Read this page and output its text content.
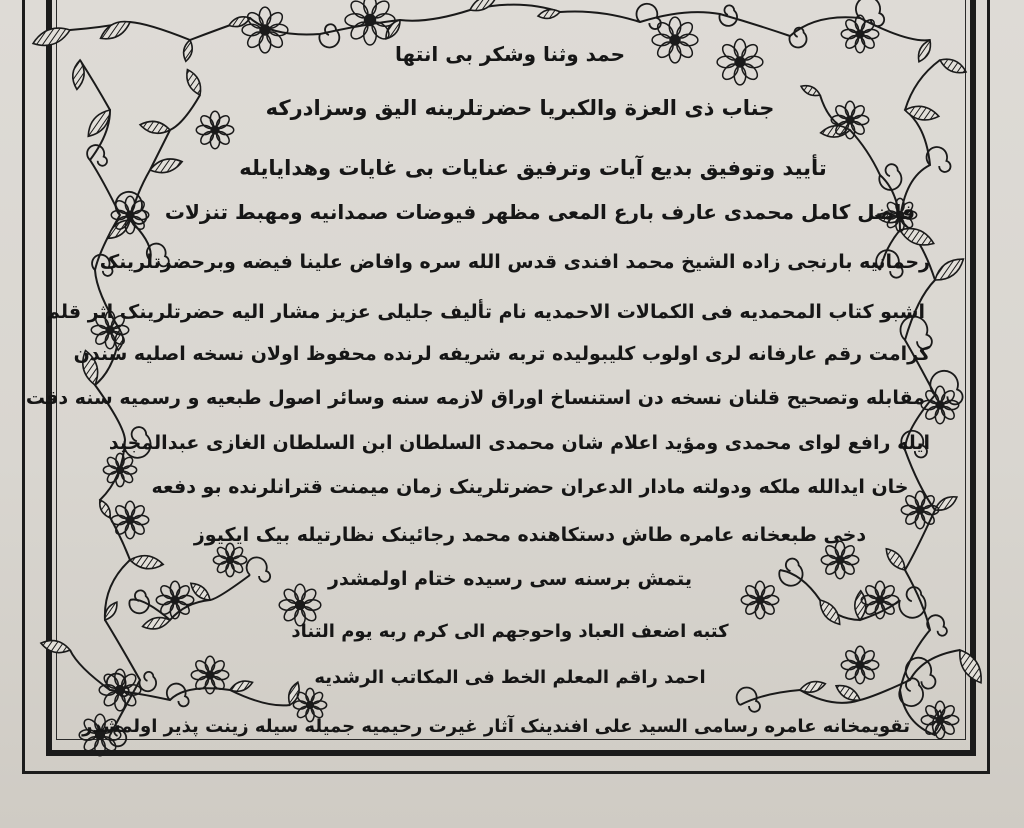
حمد وثنا وشكر بی انتها
جناب ذی العزة والکبریا حضرتلرینه الیق وسزادرکه
تأیید وتوفیق بدیع آیات وترفیق عنایات بی غایات وهدایایله
فاضل کامل محمدی عارف بارع المعی مظهر فیوضات صمدانیه ومهبط تنزلات
رحمانیه بارنجی زاده الشیخ محمد افندی قدس الله سره وافاض علینا فیضه وبرحضرتلرینک
اشبو کتاب المحمدیه فی الکمالات الاحمدیه نام تألیف جلیلی عزیز مشار الیه حضرتلرینک اثر قلم
کرامت رقم عارفانه لری اولوب کلیبولیده تربه شریفه لرنده محفوظ اولان نسخه اصلیه سندن
مقابله وتصحیح قلنان نسخه دن استنساخ اوراق لازمه سنه وسائر اصول طبعیه و رسمیه سنه دقت
ایله رافع لوای محمدی ومؤید اعلام شان محمدی السلطان ابن السلطان الغازی عبدالمجید
خان ایدالله ملکه ودولته مادار الدعران حضرتلرینک زمان میمنت قترانلرنده بو دفعه
دخی طبعخانه عامره طاش دستکاهنده محمد رجائینک نظارتیله بیک ایکیوز
یتمش برسنه سی رسیده ختام اولمشدر
کتبه اضعف العباد واحوجهم الی کرم ربه یوم التناد
احمد راقم المعلم الخط فی المکاتب الرشدیه
تقویمخانه عامره رسامی السید علی افندینک آثار غیرت رحیمیه جمیله سیله زینت پذیر اولمشدر
